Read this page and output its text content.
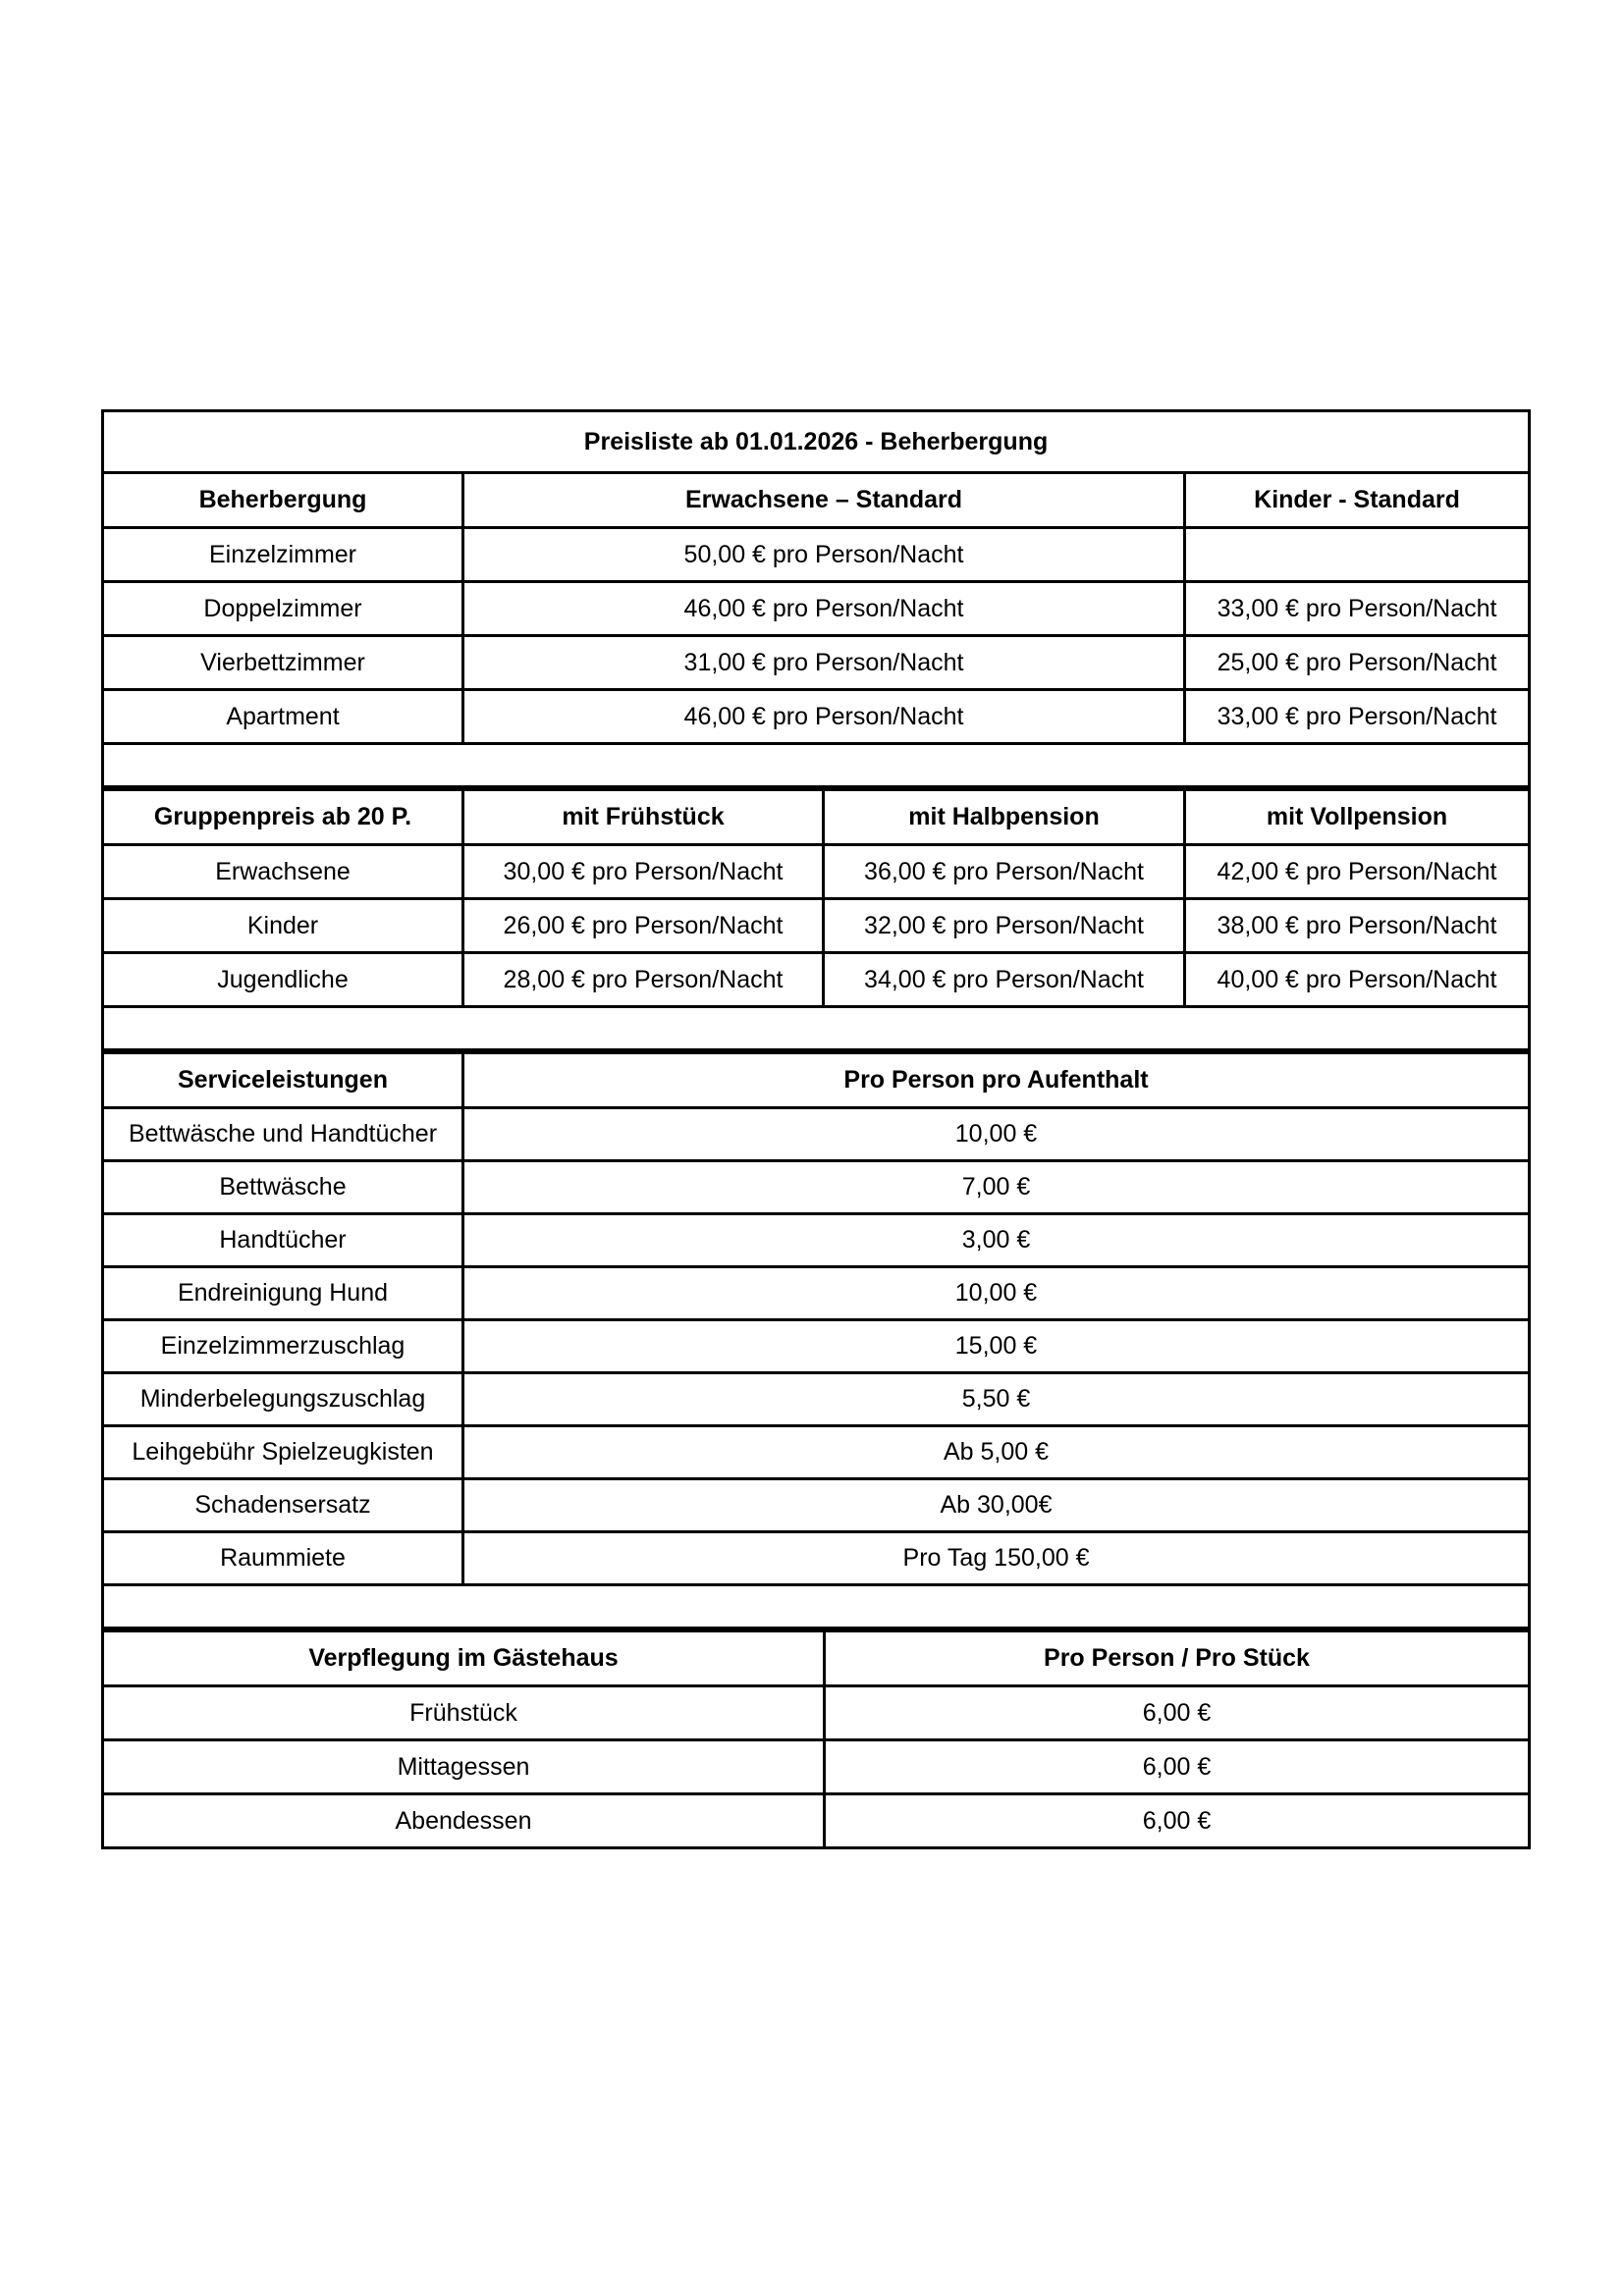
Preisliste ab 01.01.2026 - Beherbergung		
Beherbergung	Erwachsene – Standard	Kinder - Standard
Einzelzimmer	50,00 € pro Person/Nacht	
Doppelzimmer	46,00 € pro Person/Nacht	33,00 € pro Person/Nacht
Vierbettzimmer	31,00 € pro Person/Nacht	25,00 € pro Person/Nacht
Apartment	46,00 € pro Person/Nacht	33,00 € pro Person/Nacht

Gruppenpreis ab 20 P.	mit Frühstück	mit Halbpension	mit Vollpension
Erwachsene	30,00 € pro Person/Nacht	36,00 € pro Person/Nacht	42,00 € pro Person/Nacht
Kinder	26,00 € pro Person/Nacht	32,00 € pro Person/Nacht	38,00 € pro Person/Nacht
Jugendliche	28,00 € pro Person/Nacht	34,00 € pro Person/Nacht	40,00 € pro Person/Nacht

Serviceleistungen	Pro Person pro Aufenthalt
Bettwäsche und Handtücher	10,00 €
Bettwäsche	7,00 €
Handtücher	3,00 €
Endreinigung Hund	10,00 €
Einzelzimmerzuschlag	15,00 €
Minderbelegungszuschlag	5,50 €
Leihgebühr Spielzeugkisten	Ab 5,00 €
Schadensersatz	Ab 30,00€
Raummiete	Pro Tag 150,00 €

Verpflegung im Gästehaus	Pro Person / Pro Stück
Frühstück	6,00 €
Mittagessen	6,00 €
Abendessen	6,00 €
